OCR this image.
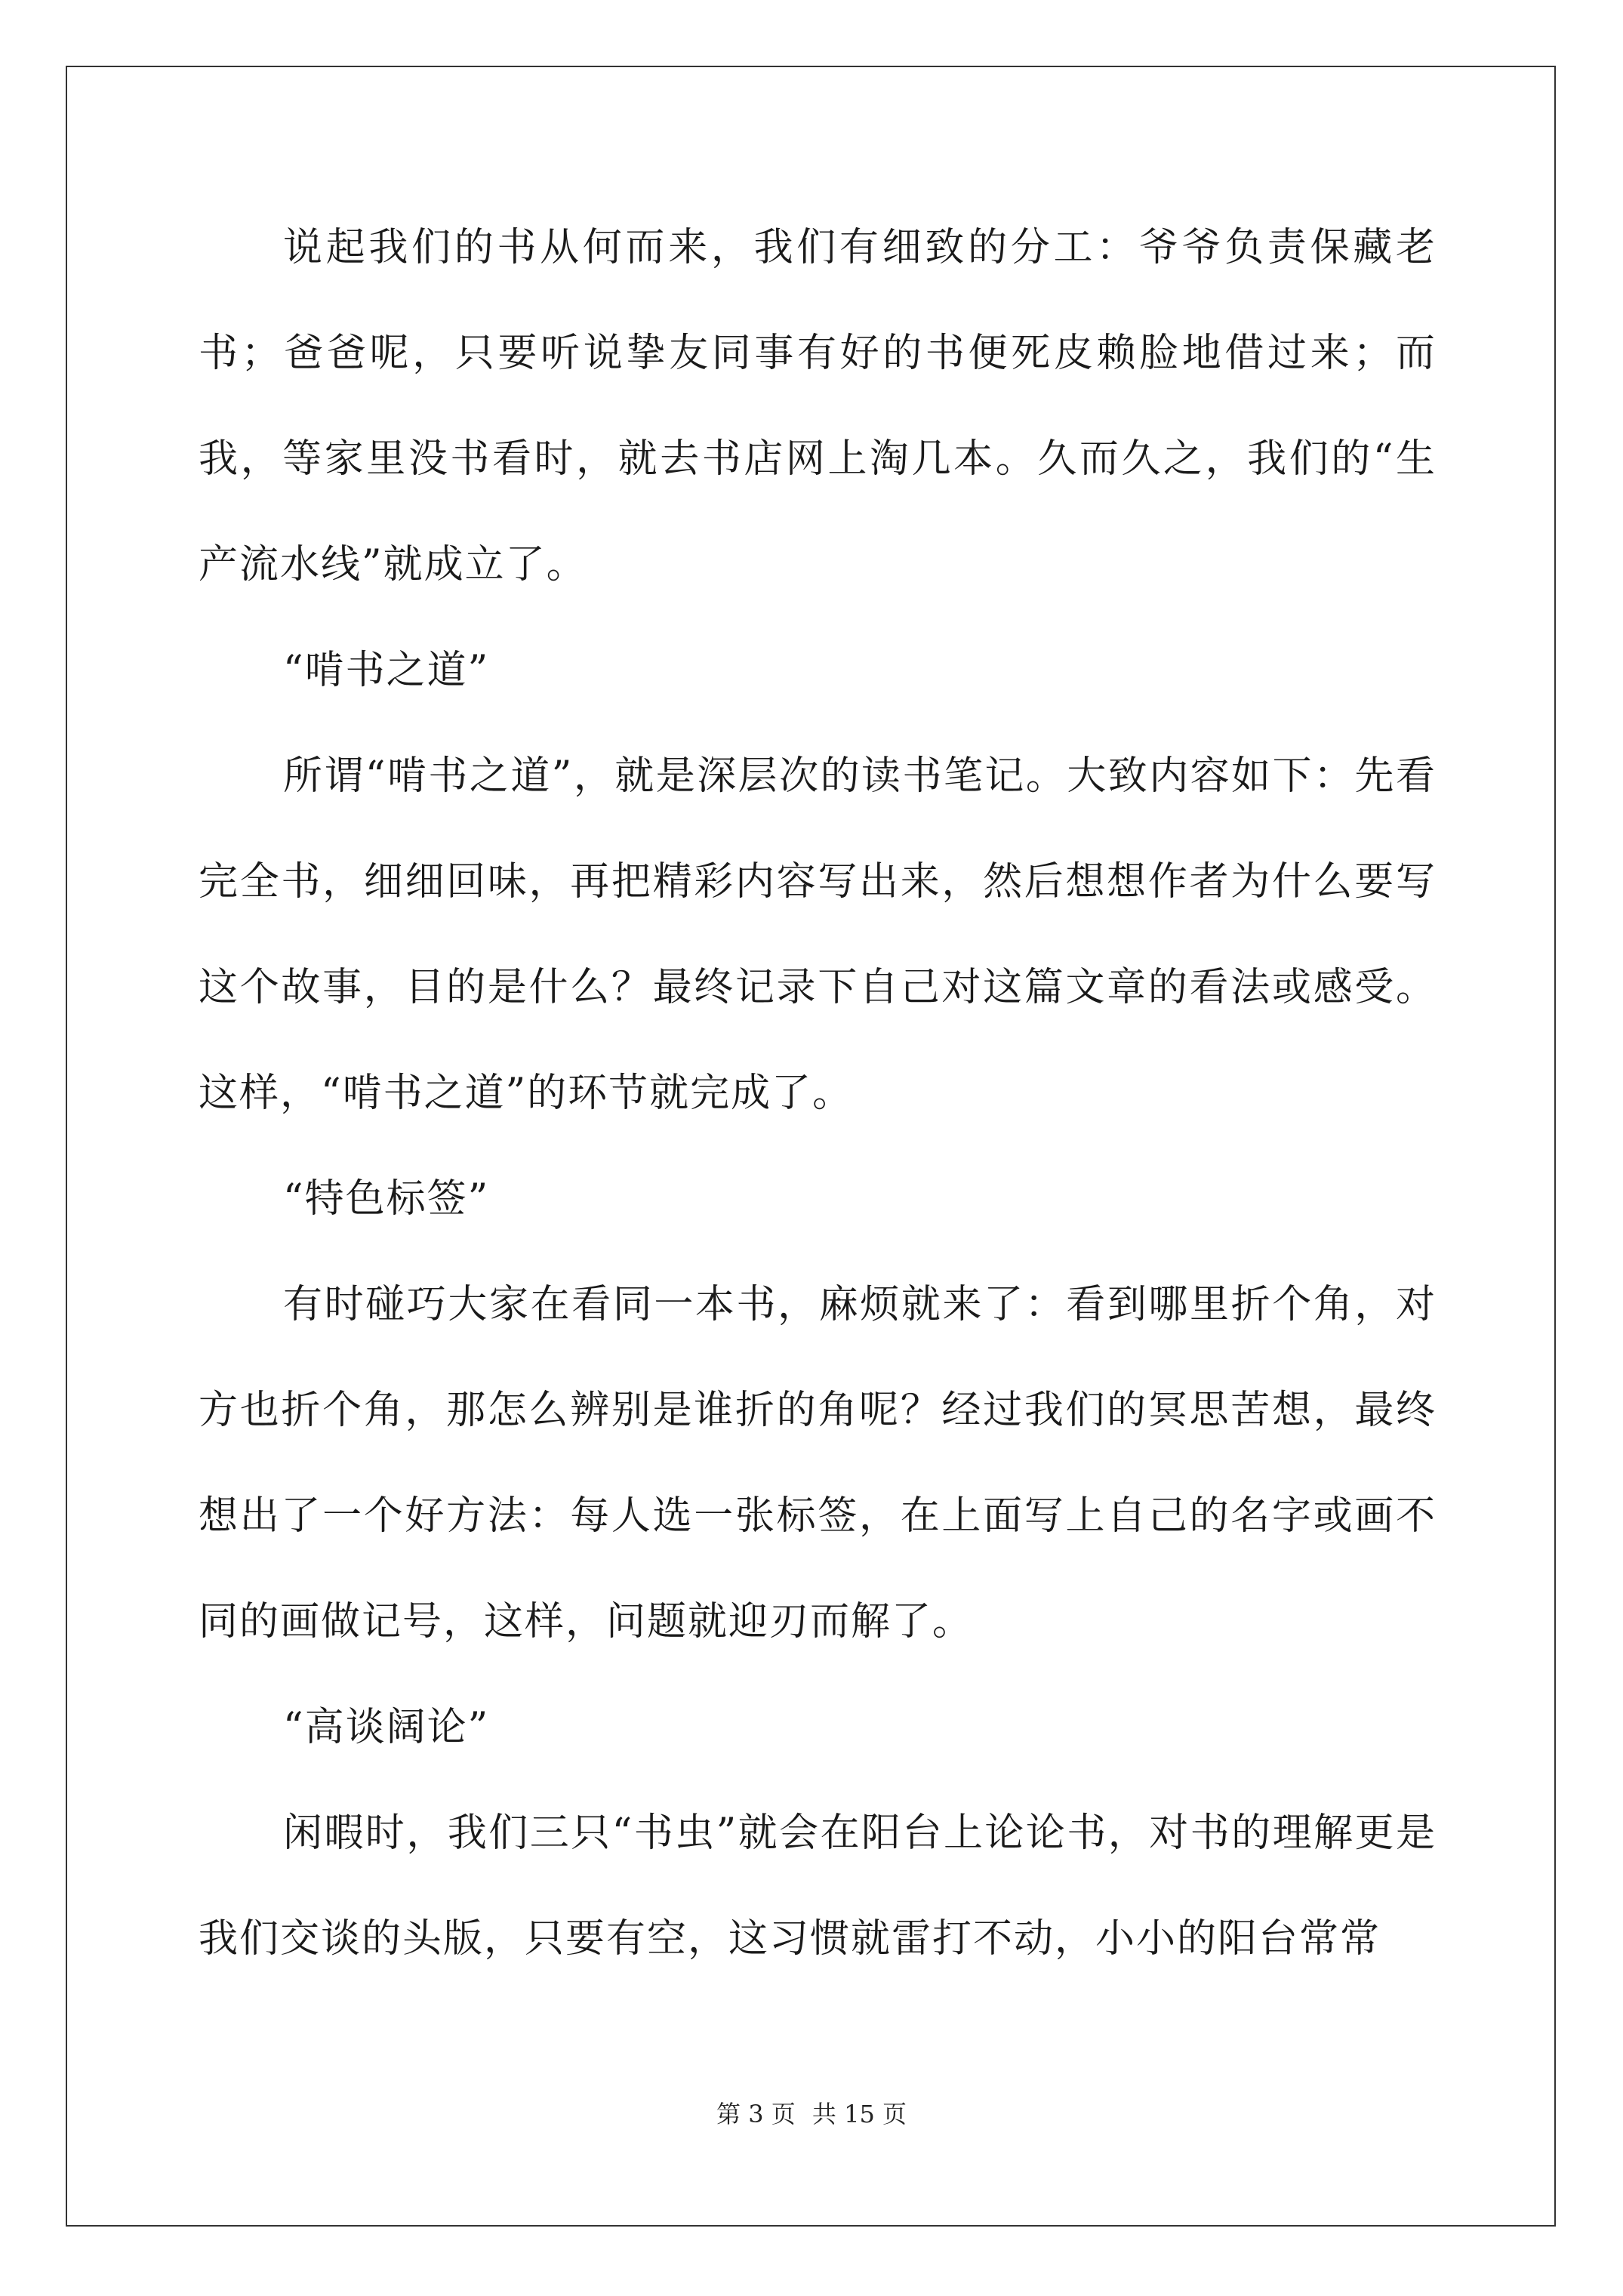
说起我们的书从何而来，我们有细致的分工：爷爷负责保藏老书；爸爸呢，只要听说挚友同事有好的书便死皮赖脸地借过来；而我，等家里没书看时，就去书店网上淘几本。久而久之，我们的“生产流水线”就成立了。

“啃书之道”

所谓“啃书之道”，就是深层次的读书笔记。大致内容如下：先看完全书，细细回味，再把精彩内容写出来，然后想想作者为什么要写这个故事，目的是什么？最终记录下自己对这篇文章的看法或感受。这样，“啃书之道”的环节就完成了。

“特色标签”

有时碰巧大家在看同一本书，麻烦就来了：看到哪里折个角，对方也折个角，那怎么辨别是谁折的角呢？经过我们的冥思苦想，最终想出了一个好方法：每人选一张标签，在上面写上自己的名字或画不同的画做记号，这样，问题就迎刃而解了。

“高谈阔论”

闲暇时，我们三只“书虫”就会在阳台上论论书，对书的理解更是我们交谈的头版，只要有空，这习惯就雷打不动，小小的阳台常常

第 3 页 共 15 页
